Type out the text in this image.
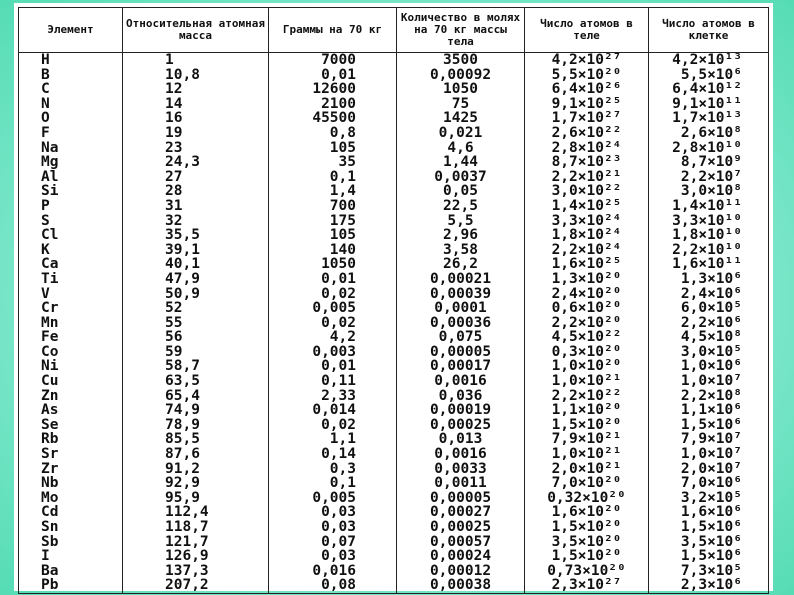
Элемент	Относительная атомная масса	Граммы на 70 кг	Количество в молях на 70 кг массы тела	Число атомов в теле	Число атомов в клетке
H	1	7000	3500	4,2×10²⁷	4,2×10¹³
B	10,8	0,01	0,00092	5,5×10²⁰	5,5×10⁶
C	12	12600	1050	6,4×10²⁶	6,4×10¹²
N	14	2100	75	9,1×10²⁵	9,1×10¹¹
O	16	45500	1425	1,7×10²⁷	1,7×10¹³
F	19	0,8	0,021	2,6×10²²	2,6×10⁸
Na	23	105	4,6	2,8×10²⁴	2,8×10¹⁰
Mg	24,3	35	1,44	8,7×10²³	8,7×10⁹
Al	27	0,1	0,0037	2,2×10²¹	2,2×10⁷
Si	28	1,4	0,05	3,0×10²²	3,0×10⁸
P	31	700	22,5	1,4×10²⁵	1,4×10¹¹
S	32	175	5,5	3,3×10²⁴	3,3×10¹⁰
Cl	35,5	105	2,96	1,8×10²⁴	1,8×10¹⁰
K	39,1	140	3,58	2,2×10²⁴	2,2×10¹⁰
Ca	40,1	1050	26,2	1,6×10²⁵	1,6×10¹¹
Ti	47,9	0,01	0,00021	1,3×10²⁰	1,3×10⁶
V	50,9	0,02	0,00039	2,4×10²⁰	2,4×10⁶
Cr	52	0,005	0,0001	0,6×10²⁰	6,0×10⁵
Mn	55	0,02	0,00036	2,2×10²⁰	2,2×10⁶
Fe	56	4,2	0,075	4,5×10²²	4,5×10⁸
Co	59	0,003	0,00005	0,3×10²⁰	3,0×10⁵
Ni	58,7	0,01	0,00017	1,0×10²⁰	1,0×10⁶
Cu	63,5	0,11	0,0016	1,0×10²¹	1,0×10⁷
Zn	65,4	2,33	0,036	2,2×10²²	2,2×10⁸
As	74,9	0,014	0,00019	1,1×10²⁰	1,1×10⁶
Se	78,9	0,02	0,00025	1,5×10²⁰	1,5×10⁶
Rb	85,5	1,1	0,013	7,9×10²¹	7,9×10⁷
Sr	87,6	0,14	0,0016	1,0×10²¹	1,0×10⁷
Zr	91,2	0,3	0,0033	2,0×10²¹	2,0×10⁷
Nb	92,9	0,1	0,0011	7,0×10²⁰	7,0×10⁶
Mo	95,9	0,005	0,00005	0,32×10²⁰	3,2×10⁵
Cd	112,4	0,03	0,00027	1,6×10²⁰	1,6×10⁶
Sn	118,7	0,03	0,00025	1,5×10²⁰	1,5×10⁶
Sb	121,7	0,07	0,00057	3,5×10²⁰	3,5×10⁶
I	126,9	0,03	0,00024	1,5×10²⁰	1,5×10⁶
Ba	137,3	0,016	0,00012	0,73×10²⁰	7,3×10⁵
Pb	207,2	0,08	0,00038	2,3×10²⁷	2,3×10⁶
